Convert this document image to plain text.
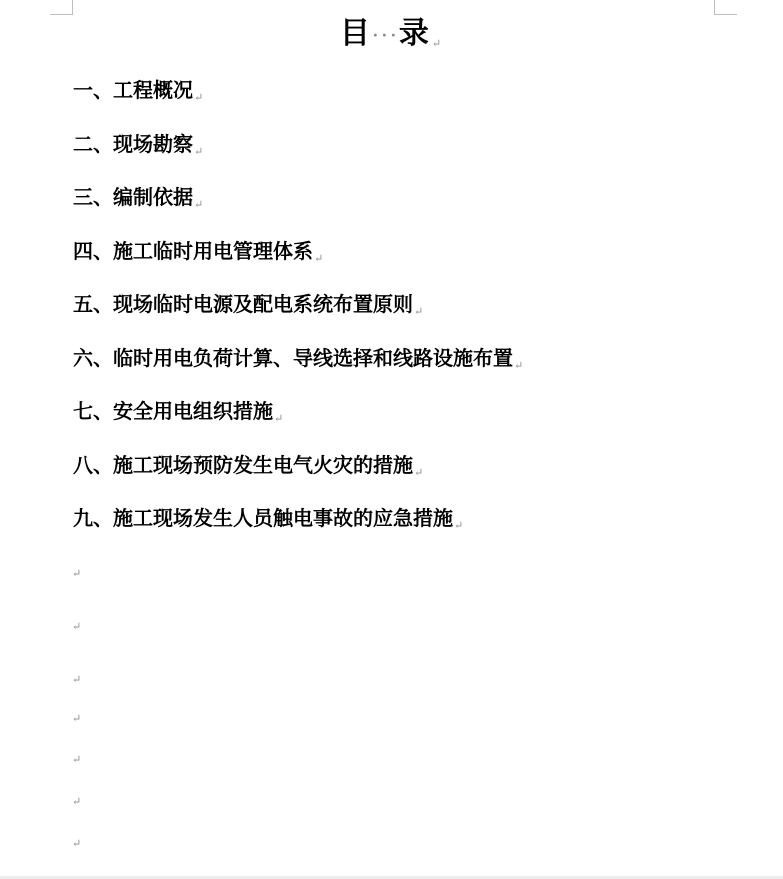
目···录↵
一、工程概况$_↵$
二、现场勘察$_↵$
三、编制依据$_↵$
四、施工临时用电管理体系$_↵$
五、现场临时电源及配电系统布置原则$_↵$
六、临时用电负荷计算、导线选择和线路设施布置$_↵$
七、安全用电组织措施$_↵$
八、施工现场预防发生电气火灾的措施$_↵$
九、施工现场发生人员触电事故的应急措施$_↵$
↵
↵
↵
↵
↵
↵
↵
